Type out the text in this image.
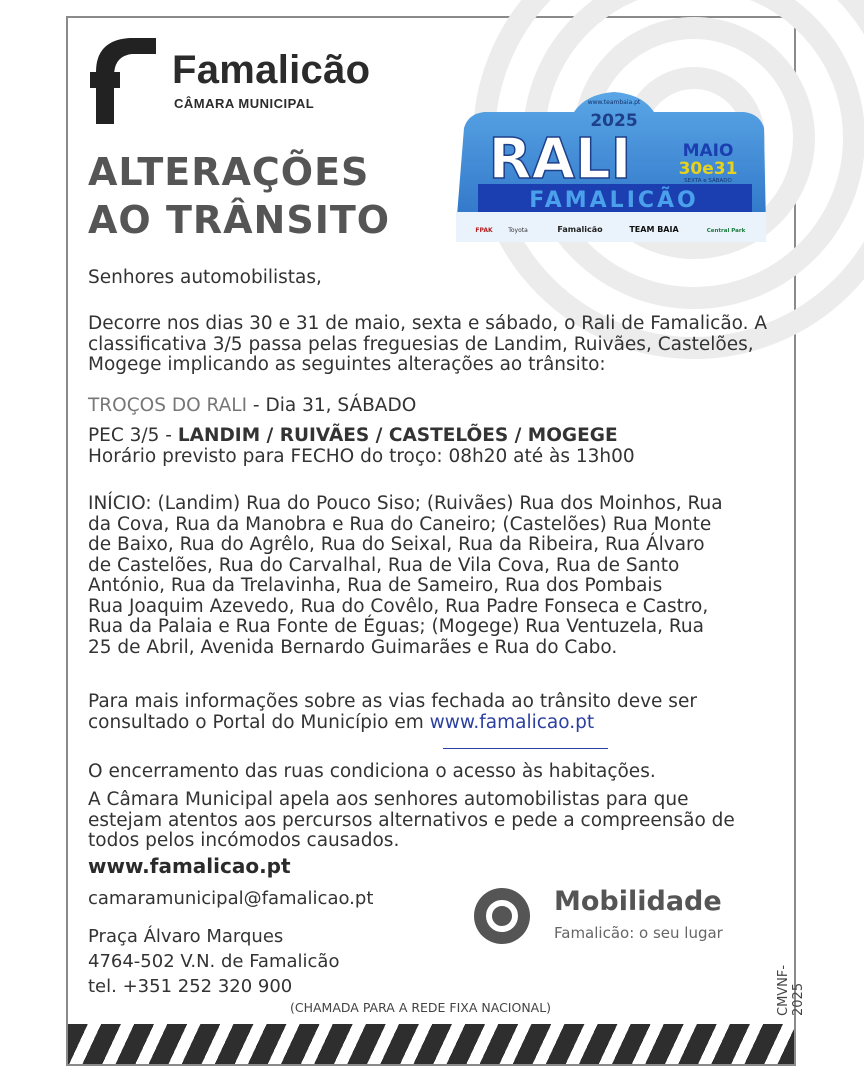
Famalicão
CÂMARA MUNICIPAL
ALTERAÇÕES
AO TRÂNSITO
www.teambaia.pt
2025
RALI	MAIO
30e31
SEXTA e SÁBADO
FAMALICÃO
FPAK	Toyota	Famalicão	TEAM BAIA	Central Park

Senhores automobilistas,

Decorre nos dias 30 e 31 de maio, sexta e sábado, o Rali de Famalicão. A
classificativa 3/5 passa pelas freguesias de Landim, Ruivães, Castelões,
Mogege implicando as seguintes alterações ao trânsito:
TROÇOS DO RALI - Dia 31, SÁBADO
PEC 3/5 - LANDIM / RUIVÃES / CASTELÕES / MOGEGE
Horário previsto para FECHO do troço: 08h20 até às 13h00
INÍCIO: (Landim) Rua do Pouco Siso; (Ruivães) Rua dos Moinhos, Rua
da Cova, Rua da Manobra e Rua do Caneiro; (Castelões) Rua Monte
de Baixo, Rua do Agrêlo, Rua do Seixal, Rua da Ribeira, Rua Álvaro
de Castelões, Rua do Carvalhal, Rua de Vila Cova, Rua de Santo
António, Rua da Trelavinha, Rua de Sameiro, Rua dos Pombais
Rua Joaquim Azevedo, Rua do Covêlo, Rua Padre Fonseca e Castro,
Rua da Palaia e Rua Fonte de Éguas; (Mogege) Rua Ventuzela, Rua
25 de Abril, Avenida Bernardo Guimarães e Rua do Cabo.
Para mais informações sobre as vias fechada ao trânsito deve ser
consultado o Portal do Município em www.famalicao.pt

O encerramento das ruas condiciona o acesso às habitações.

A Câmara Municipal apela aos senhores automobilistas para que
estejam atentos aos percursos alternativos e pede a compreensão de
todos pelos incómodos causados.
www.famalicao.pt
camaramunicipal@famalicao.pt
Praça Álvaro Marques
4764-502 V.N. de Famalicão
tel. +351 252 320 900
(CHAMADA PARA A REDE FIXA NACIONAL)
Mobilidade
Famalicão: o seu lugar
CMVNF-2025
